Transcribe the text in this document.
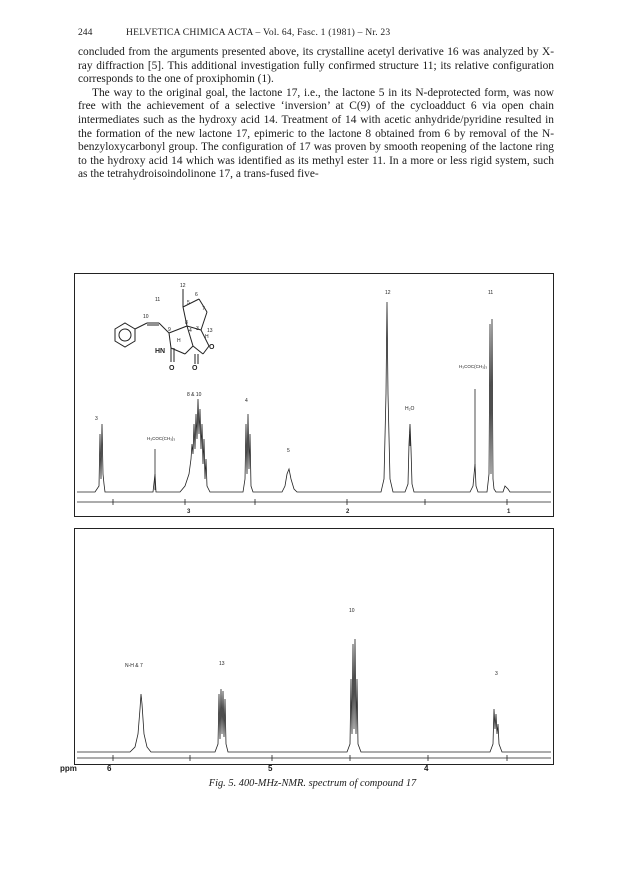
244	HELVETICA CHIMICA ACTA – Vol. 64, Fasc. 1 (1981) – Nr. 23

concluded from the arguments presented above, its crystalline acetyl derivative 16 was analyzed by X-ray diffraction [5]. This additional investigation fully confirmed structure 11; its relative configuration corresponds to the one of proxiphomin (1).

The way to the original goal, the lactone 17, i.e., the lactone 5 in its N-deprotected form, was now free with the achievement of a selective ‘inversion’ at C(9) of the cycloadduct 6 via open chain intermediates such as the hydroxy acid 14. Treatment of 14 with acetic anhydride/pyridine resulted in the formation of the new lactone 17, epimeric to the lactone 8 obtained from 6 by removal of the N-benzyloxycarbonyl group. The configuration of 17 was proven by smooth reopening of the lactone ring to the hydroxy acid 14 which was identified as its methyl ester 11. In a more or less rigid system, such as the tetrahydroisoindolinone 17, a trans-fused five-

HN
H
O	O
O
H
12
11
10
13
9
8
7
6
5
4 3
12	11
3
8 & 10
4
5
H₂O
H₃COC(CH₃)₃
H₃COC(CH₃)₃
3	2	1
N-H & 7	13
10
3
6	5	4
ppm
Fig. 5. 400-MHz-NMR. spectrum of compound 17
